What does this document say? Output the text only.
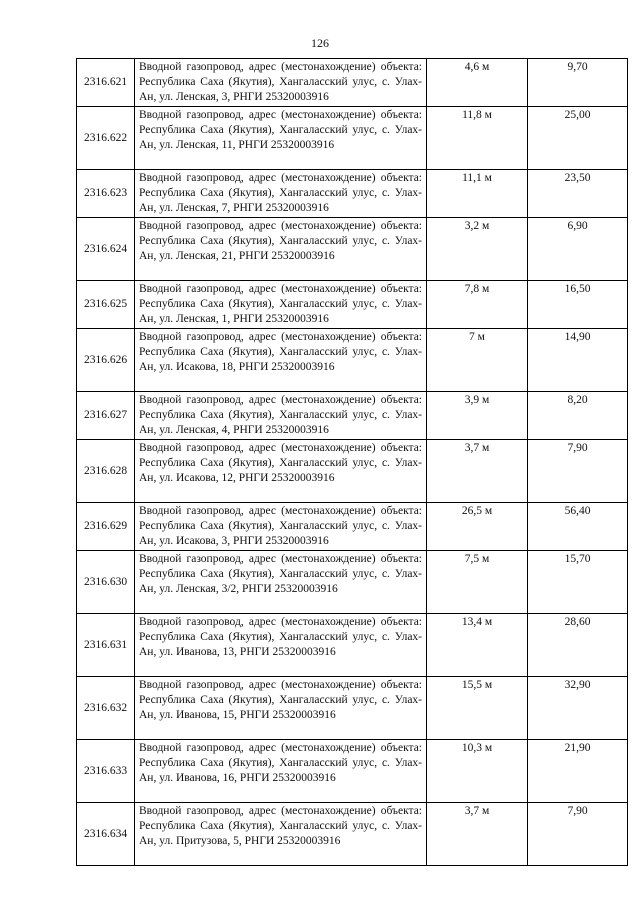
126
2316.621	Вводной газопровод, адрес (местонахождение) объекта: Республика Саха (Якутия), Хангаласский улус, с. Улах-Ан, ул. Ленская, 3, РНГИ 25320003916	4,6 м	9,70
2316.622	Вводной газопровод, адрес (местонахождение) объекта: Республика Саха (Якутия), Хангаласский улус, с. Улах-Ан, ул. Ленская, 11, РНГИ 25320003916	11,8 м	25,00
2316.623	Вводной газопровод, адрес (местонахождение) объекта: Республика Саха (Якутия), Хангаласский улус, с. Улах-Ан, ул. Ленская, 7, РНГИ 25320003916	11,1 м	23,50
2316.624	Вводной газопровод, адрес (местонахождение) объекта: Республика Саха (Якутия), Хангаласский улус, с. Улах-Ан, ул. Ленская, 21, РНГИ 25320003916	3,2 м	6,90
2316.625	Вводной газопровод, адрес (местонахождение) объекта: Республика Саха (Якутия), Хангаласский улус, с. Улах-Ан, ул. Ленская, 1, РНГИ 25320003916	7,8 м	16,50
2316.626	Вводной газопровод, адрес (местонахождение) объекта: Республика Саха (Якутия), Хангаласский улус, с. Улах-Ан, ул. Исакова, 18, РНГИ 25320003916	7 м	14,90
2316.627	Вводной газопровод, адрес (местонахождение) объекта: Республика Саха (Якутия), Хангаласский улус, с. Улах-Ан, ул. Ленская, 4, РНГИ 25320003916	3,9 м	8,20
2316.628	Вводной газопровод, адрес (местонахождение) объекта: Республика Саха (Якутия), Хангаласский улус, с. Улах-Ан, ул. Исакова, 12, РНГИ 25320003916	3,7 м	7,90
2316.629	Вводной газопровод, адрес (местонахождение) объекта: Республика Саха (Якутия), Хангаласский улус, с. Улах-Ан, ул. Исакова, 3, РНГИ 25320003916	26,5 м	56,40
2316.630	Вводной газопровод, адрес (местонахождение) объекта: Республика Саха (Якутия), Хангаласский улус, с. Улах-Ан, ул. Ленская, 3/2, РНГИ 25320003916	7,5 м	15,70
2316.631	Вводной газопровод, адрес (местонахождение) объекта: Республика Саха (Якутия), Хангаласский улус, с. Улах-Ан, ул. Иванова, 13, РНГИ 25320003916	13,4 м	28,60
2316.632	Вводной газопровод, адрес (местонахождение) объекта: Республика Саха (Якутия), Хангаласский улус, с. Улах-Ан, ул. Иванова, 15, РНГИ 25320003916	15,5 м	32,90
2316.633	Вводной газопровод, адрес (местонахождение) объекта: Республика Саха (Якутия), Хангаласский улус, с. Улах-Ан, ул. Иванова, 16, РНГИ 25320003916	10,3 м	21,90
2316.634	Вводной газопровод, адрес (местонахождение) объекта: Республика Саха (Якутия), Хангаласский улус, с. Улах-Ан, ул. Притузова, 5, РНГИ 25320003916	3,7 м	7,90
